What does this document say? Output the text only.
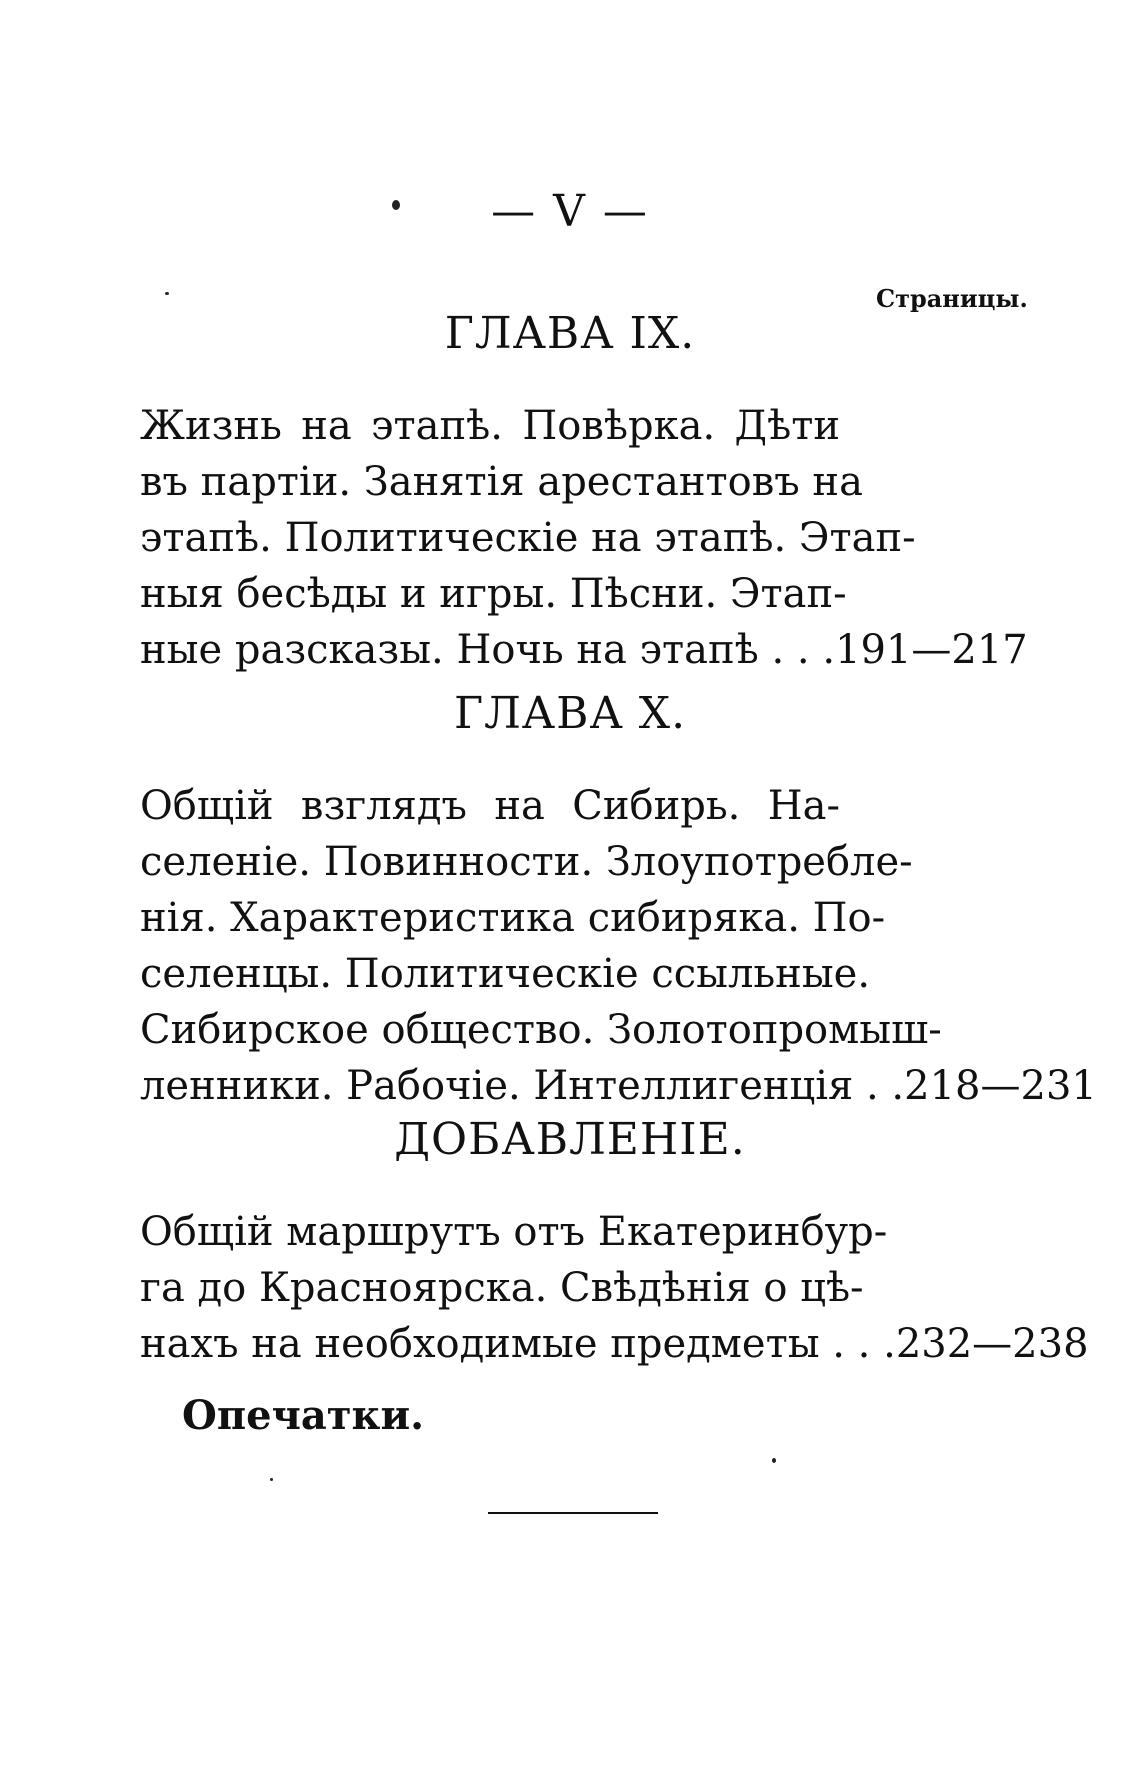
— V —
Страницы.
ГЛАВА IX.
Жизнь на этапѣ. Повѣрка. Дѣти
въ партіи. Занятія арестантовъ на
этапѣ. Политическіе на этапѣ. Этап-
ныя бесѣды и игры. Пѣсни. Этап-
ные разсказы. Ночь на этапѣ . . . 191—217
ГЛАВА X.
Общій взглядъ на Сибирь. На-
селеніе. Повинности. Злоупотребле-
нія. Характеристика сибиряка. По-
селенцы. Политическіе ссыльные.
Сибирское общество. Золотопромыш-
ленники. Рабочіе. Интеллигенція . . 218—231
ДОБАВЛЕНІЕ.
Общій маршрутъ отъ Екатеринбур-
га до Красноярска. Свѣдѣнія о цѣ-
нахъ на необходимые предметы . . . 232—238
Опечатки.
